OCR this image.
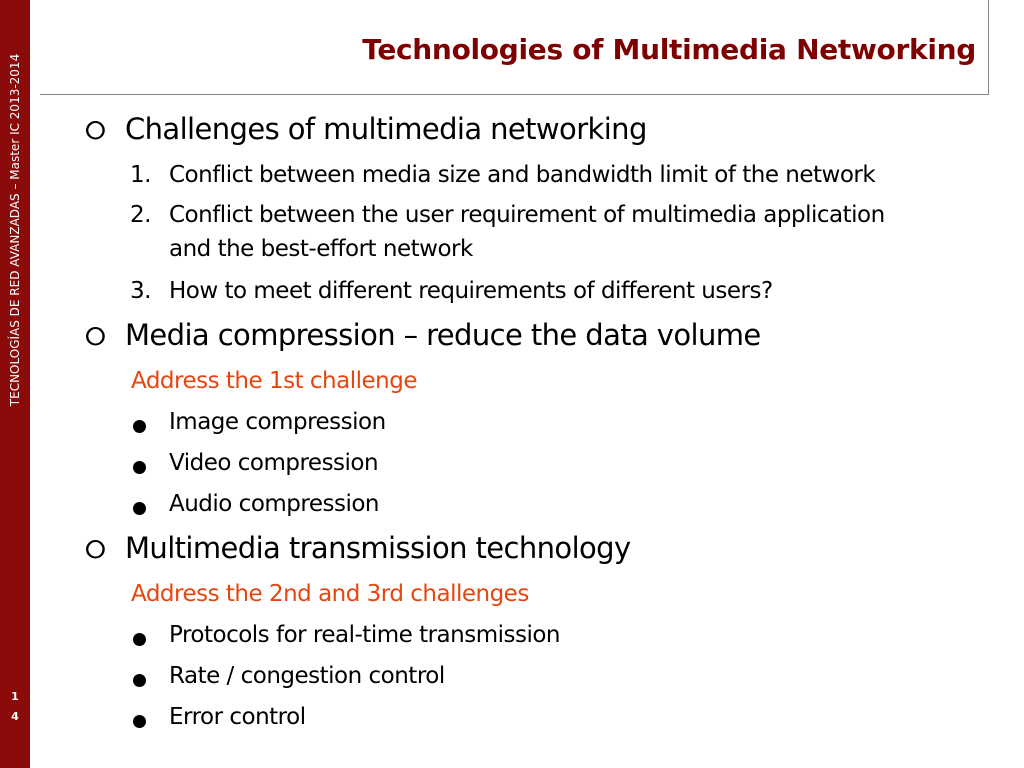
TECNOLOGÍAS DE RED AVANZADAS – Master IC 2013-2014
1
4
Technologies of Multimedia Networking
⭘ Challenges of multimedia networking
1. Conflict between media size and bandwidth limit of the network
2. Conflict between the user requirement of multimedia application
and the best-effort network
3. How to meet different requirements of different users?
⭘ Media compression – reduce the data volume
Address the 1st challenge
Image compression
Video compression
Audio compression
⭘ Multimedia transmission technology
Address the 2nd and 3rd challenges
Protocols for real-time transmission
Rate / congestion control
Error control
